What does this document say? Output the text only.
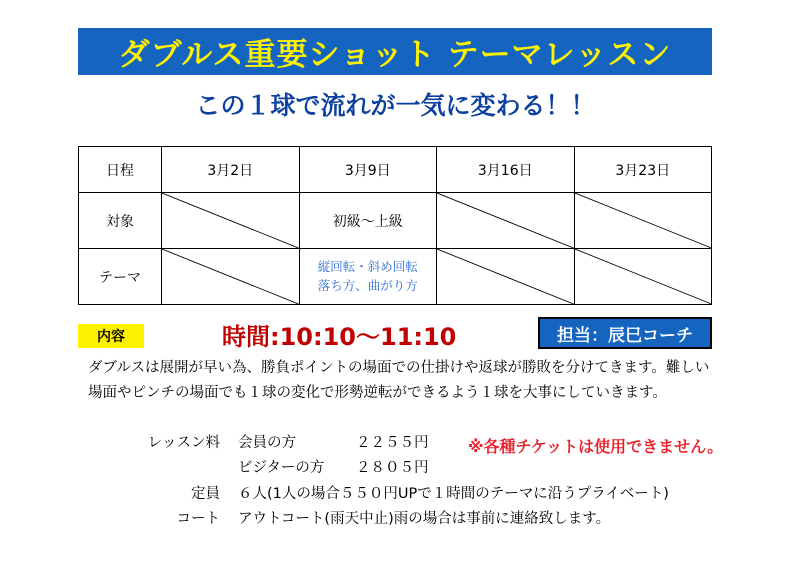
ダブルス重要ショット テーマレッスン
この１球で流れが一気に変わる！！
日程	3月2日	3月9日	3月16日	3月23日
対象		初級〜上級	

テーマ		縦回転・斜め回転
落ち方、曲がり方

内容	時間:10:10〜11:10	担当：辰巳コーチ
ダブルスは展開が早い為、勝負ポイントの場面での仕掛けや返球が勝敗を分けてきます。難しい場面やピンチの場面でも１球の変化で形勢逆転ができるよう１球を大事にしていきます。
レッスン料	会員の方	２２５５円
ビジターの方	２８０５円
定員	６人(1人の場合５５０円UPで１時間のテーマに沿うプライベート)
コート	アウトコート(雨天中止)雨の場合は事前に連絡致します。
※各種チケットは使用できません。
